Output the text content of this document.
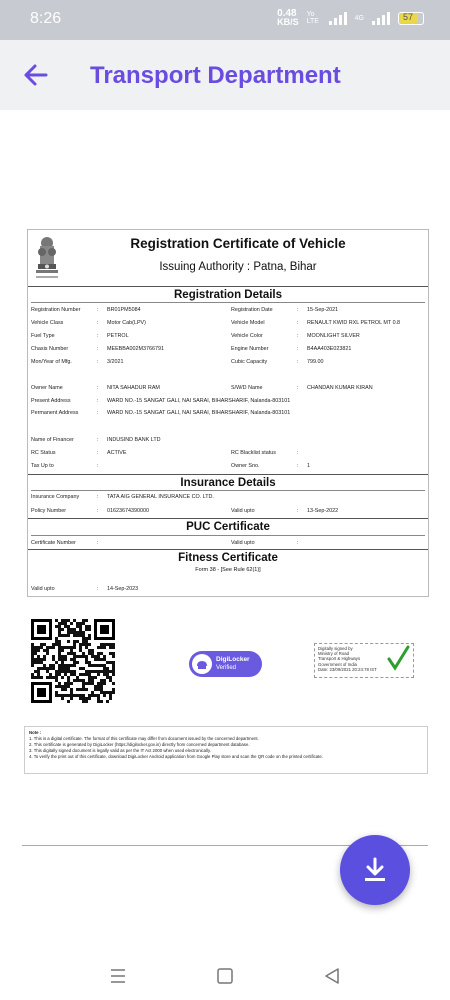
8:26	0.48
KB/S
Yo LTE	4G	57
Transport Department
Registration Certificate of Vehicle
Issuing Authority : Patna, Bihar
Registration Details
Registration Number	: BR01PM5084	Registration Date	: 15-Sep-2021
Vehicle Class	: Motor Cab(LPV)	Vehicle Model	: RENAULT KWID RXL PETROL MT 0.8
Fuel Type	: PETROL	Vehicle Color	: MOONLIGHT SILVER
Chasis Number	: MEEBBA002M3766791	Engine Number	: B4AA403E023821
Mon/Year of Mfg.	: 3/2021	Cubic Capacity	: 799.00
Owner Name	: NITA SAHADUR RAM	S/W/D Name	: CHANDAN KUMAR KIRAN
Present Address	: WARD NO.-15 SANGAT GALI, NAI SARAI, BIHARSHARIF, Nalanda-803101
Permanent Address	: WARD NO.-15 SANGAT GALI, NAI SARAI, BIHARSHARIF, Nalanda-803101
Name of Financer	: INDUSIND BANK LTD
RC Status	: ACTIVE	RC Blacklist status	:
Tax Up to	:	Owner Sno.	: 1
Insurance Details
Insurance Company	: TATA AIG GENERAL INSURANCE CO. LTD.
Policy Number	: 01623674390000	Valid upto	: 13-Sep-2022
PUC Certificate
Certificate Number	:	Valid upto	:
Fitness Certificate
Form 38 - [See Rule 62(1)]
Valid upto	: 14-Sep-2023
DigiLocker
Verified
Digitally signed by
Ministry of Road
Transport & Highways
Government of India
Date: 23/09/2021 20:24:78 IST
Note :
1. This is a digital certificate. The format of this certificate may differ from document issued by the concerned department.
2. This certificate is generated by DigiLocker (https://digilocker.gov.in) directly from concerned department database.
3. This digitally signed document is legally valid as per the IT Act 2000 when used electronically.
4. To verify the print out of this certificate, download DigiLocker Android application from Google Play store and scan the QR code on the printed certificate.
